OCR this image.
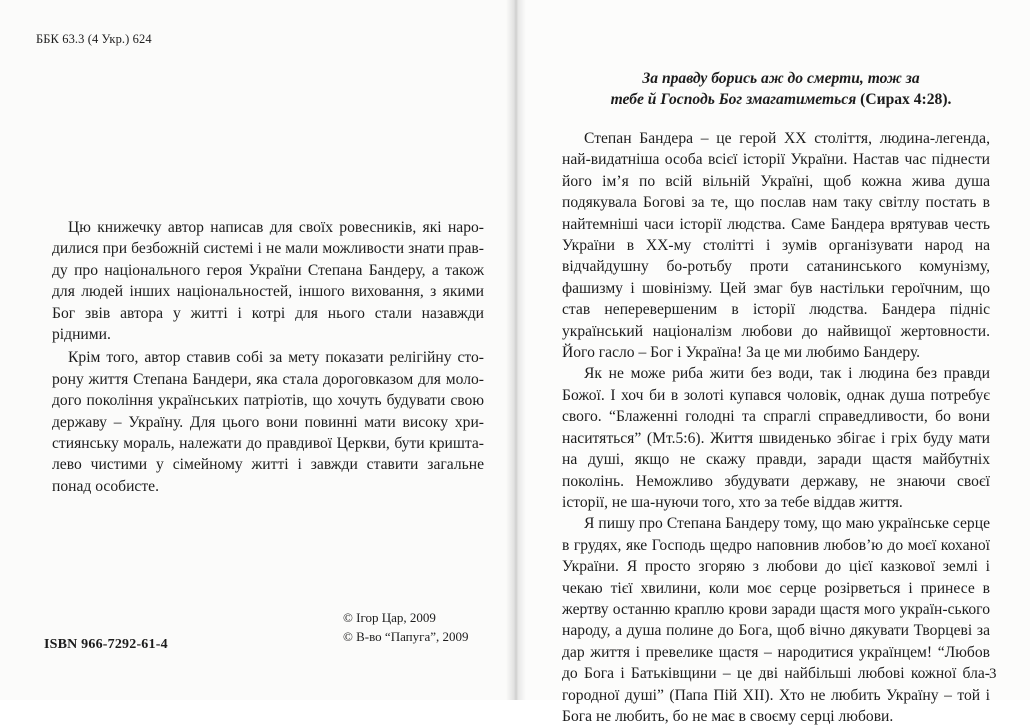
ББК 63.3 (4 Укр.) 624

Цю книжечку автор написав для своїх ровесників, які наро-дилися при безбожній системі і не мали можливости знати прав-ду про національного героя України Степана Бандеру, а також для людей інших національностей, іншого виховання, з якими Бог звів автора у житті і котрі для нього стали назавжди рідними.

Крім того, автор ставив собі за мету показати релігійну сто-рону життя Степана Бандери, яка стала дороговказом для моло-дого покоління українських патріотів, що хочуть будувати свою державу – Україну. Для цього вони повинні мати високу хри-стиянську мораль, належати до правдивої Церкви, бути кришта-лево чистими у сімейному житті і завжди ставити загальне понад особисте.

© Ігор Цар, 2009
© В-во “Папуга”, 2009
ISBN 966-7292-61-4
За правду борись аж до смерти, тож за
тебе й Господь Бог змагатиметься (Сирах 4:28).

Степан Бандера – це герой ХХ століття, людина-легенда, най-видатніша особа всієї історії України. Настав час піднести його ім’я по всій вільній Україні, щоб кожна жива душа подякувала Богові за те, що послав нам таку світлу постать в найтемніші часи історії людства. Саме Бандера врятував честь України в ХХ-му столітті і зумів організувати народ на відчайдушну бо-ротьбу проти сатанинського комунізму, фашизму і шовінізму. Цей змаг був настільки героїчним, що став неперевершеним в історії людства. Бандера підніс український націоналізм любови до найвищої жертовности. Його гасло – Бог і Україна! За це ми любимо Бандеру.

Як не може риба жити без води, так і людина без правди Божої. І хоч би в золоті купався чоловік, однак душа потребує свого. “Блаженні голодні та спраглі справедливости, бо вони наситяться” (Мт.5:6). Життя швиденько збігає і гріх буду мати на душі, якщо не скажу правди, заради щастя майбутніх поколінь. Неможливо збудувати державу, не знаючи своєї історії, не ша-нуючи того, хто за тебе віддав життя.

Я пишу про Степана Бандеру тому, що маю українське серце в грудях, яке Господь щедро наповнив любов’ю до моєї коханої України. Я просто згоряю з любови до цієї казкової землі і чекаю тієї хвилини, коли моє серце розірветься і принесе в жертву останню краплю крови заради щастя мого україн-ського народу, а душа полине до Бога, щоб вічно дякувати Творцеві за дар життя і превелике щастя – народитися українцем! “Любов до Бога і Батьківщини – це дві найбільші любові кожної бла-городної душі” (Папа Пій ХІІ). Хто не любить Україну – той і Бога не любить, бо не має в своєму серці любови.

3
